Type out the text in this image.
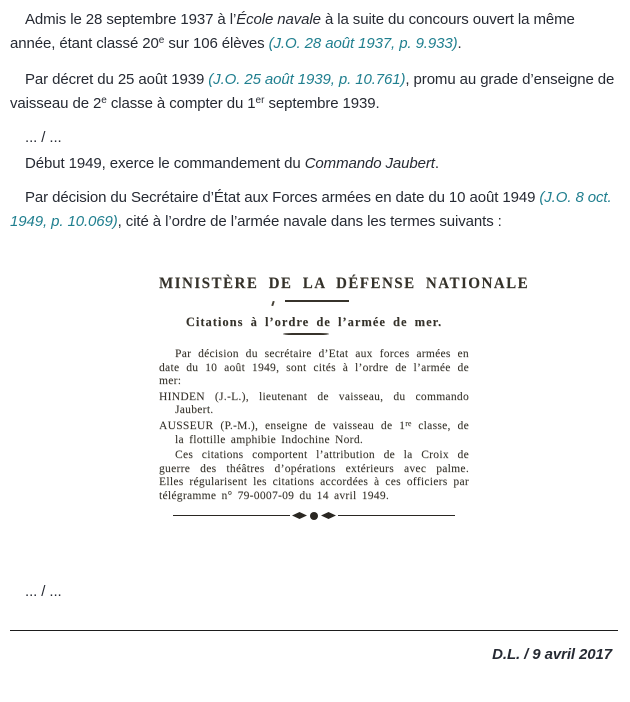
Admis le 28 septembre 1937 à l’École navale à la suite du concours ouvert la même année, étant classé 20e sur 106 élèves (J.O. 28 août 1937, p. 9.933).

Par décret du 25 août 1939 (J.O. 25 août 1939, p. 10.761), promu au grade d’enseigne de vaisseau de 2e classe à compter du 1er septembre 1939.

... / ...

Début 1949, exerce le commandement du Commando Jaubert.

Par décision du Secrétaire d’État aux Forces armées en date du 10 août 1949 (J.O. 8 oct. 1949, p. 10.069), cité à l’ordre de l’armée navale dans les termes suivants :

MINISTÈRE DE LA DÉFENSE NATIONALE
Citations à l’ordre de l’armée de mer.

Par décision du secrétaire d’Etat aux forces armées en date du 10 août 1949, sont cités à l’ordre de l’armée de mer:

HINDEN (J.-L.), lieutenant de vaisseau, du commando Jaubert.

AUSSEUR (P.-M.), enseigne de vaisseau de 1re classe, de la flottille amphibie Indochine Nord.

Ces citations comportent l’attribution de la Croix de guerre des théâtres d’opérations extérieurs avec palme. Elles régularisent les citations accordées à ces officiers par télégramme n° 79-0007-09 du 14 avril 1949.

... / ...

D.L. / 9 avril 2017
